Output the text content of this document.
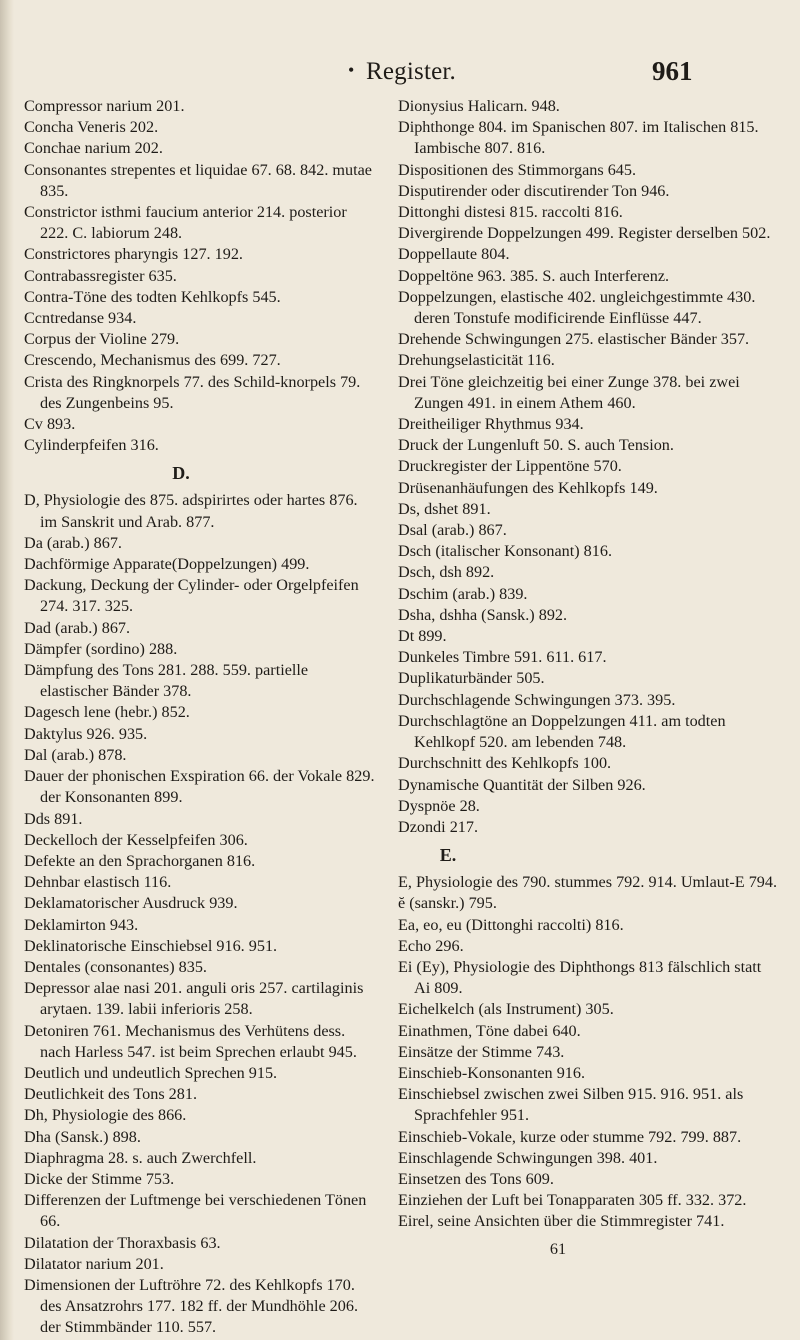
• Register.	961

Compressor narium 201.

Concha Veneris 202.

Conchae narium 202.

Consonantes strepentes et liquidae 67. 68. 842. mutae 835.

Constrictor isthmi faucium anterior 214. posterior 222. C. labiorum 248.

Constrictores pharyngis 127. 192.

Contrabassregister 635.

Contra-Töne des todten Kehlkopfs 545.

Ccntredanse 934.

Corpus der Violine 279.

Crescendo, Mechanismus des 699. 727.

Crista des Ringknorpels 77. des Schild-knorpels 79. des Zungenbeins 95.

Cv 893.

Cylinderpfeifen 316.

D.

D, Physiologie des 875. adspirirtes oder hartes 876. im Sanskrit und Arab. 877.

Da (arab.) 867.

Dachförmige Apparate(Doppelzungen) 499.

Dackung, Deckung der Cylinder- oder Orgelpfeifen 274. 317. 325.

Dad (arab.) 867.

Dämpfer (sordino) 288.

Dämpfung des Tons 281. 288. 559. partielle elastischer Bänder 378.

Dagesch lene (hebr.) 852.

Daktylus 926. 935.

Dal (arab.) 878.

Dauer der phonischen Exspiration 66. der Vokale 829. der Konsonanten 899.

Dds 891.

Deckelloch der Kesselpfeifen 306.

Defekte an den Sprachorganen 816.

Dehnbar elastisch 116.

Deklamatorischer Ausdruck 939.

Deklamirton 943.

Deklinatorische Einschiebsel 916. 951.

Dentales (consonantes) 835.

Depressor alae nasi 201. anguli oris 257. cartilaginis arytaen. 139. labii inferioris 258.

Detoniren 761. Mechanismus des Verhütens dess. nach Harless 547. ist beim Sprechen erlaubt 945.

Deutlich und undeutlich Sprechen 915.

Deutlichkeit des Tons 281.

Dh, Physiologie des 866.

Dha (Sansk.) 898.

Diaphragma 28. s. auch Zwerchfell.

Dicke der Stimme 753.

Differenzen der Luftmenge bei verschiedenen Tönen 66.

Dilatation der Thoraxbasis 63.

Dilatator narium 201.

Dimensionen der Luftröhre 72. des Kehlkopfs 170. des Ansatzrohrs 177. 182 ff. der Mundhöhle 206. der Stimmbänder 110. 557.

Dionysius Halicarn. 948.

Diphthonge 804. im Spanischen 807. im Italischen 815. Iambische 807. 816.

Dispositionen des Stimmorgans 645.

Disputirender oder discutirender Ton 946.

Dittonghi distesi 815. raccolti 816.

Divergirende Doppelzungen 499. Register derselben 502.

Doppellaute 804.

Doppeltöne 963. 385. S. auch Interferenz.

Doppelzungen, elastische 402. ungleichgestimmte 430. deren Tonstufe modificirende Einflüsse 447.

Drehende Schwingungen 275. elastischer Bänder 357.

Drehungselasticität 116.

Drei Töne gleichzeitig bei einer Zunge 378. bei zwei Zungen 491. in einem Athem 460.

Dreitheiliger Rhythmus 934.

Druck der Lungenluft 50. S. auch Tension.

Druckregister der Lippentöne 570.

Drüsenanhäufungen des Kehlkopfs 149.

Ds, dshet 891.

Dsal (arab.) 867.

Dsch (italischer Konsonant) 816.

Dsch, dsh 892.

Dschim (arab.) 839.

Dsha, dshha (Sansk.) 892.

Dt 899.

Dunkeles Timbre 591. 611. 617.

Duplikaturbänder 505.

Durchschlagende Schwingungen 373. 395.

Durchschlagtöne an Doppelzungen 411. am todten Kehlkopf 520. am lebenden 748.

Durchschnitt des Kehlkopfs 100.

Dynamische Quantität der Silben 926.

Dyspnöe 28.

Dzondi 217.

E.

E, Physiologie des 790. stummes 792. 914. Umlaut-E 794.

ĕ (sanskr.) 795.

Ea, eo, eu (Dittonghi raccolti) 816.

Echo 296.

Ei (Ey), Physiologie des Diphthongs 813 fälschlich statt Ai 809.

Eichelkelch (als Instrument) 305.

Einathmen, Töne dabei 640.

Einsätze der Stimme 743.

Einschieb-Konsonanten 916.

Einschiebsel zwischen zwei Silben 915. 916. 951. als Sprachfehler 951.

Einschieb-Vokale, kurze oder stumme 792. 799. 887.

Einschlagende Schwingungen 398. 401.

Einsetzen des Tons 609.

Einziehen der Luft bei Tonapparaten 305 ff. 332. 372.

Eirel, seine Ansichten über die Stimmregister 741.

61
